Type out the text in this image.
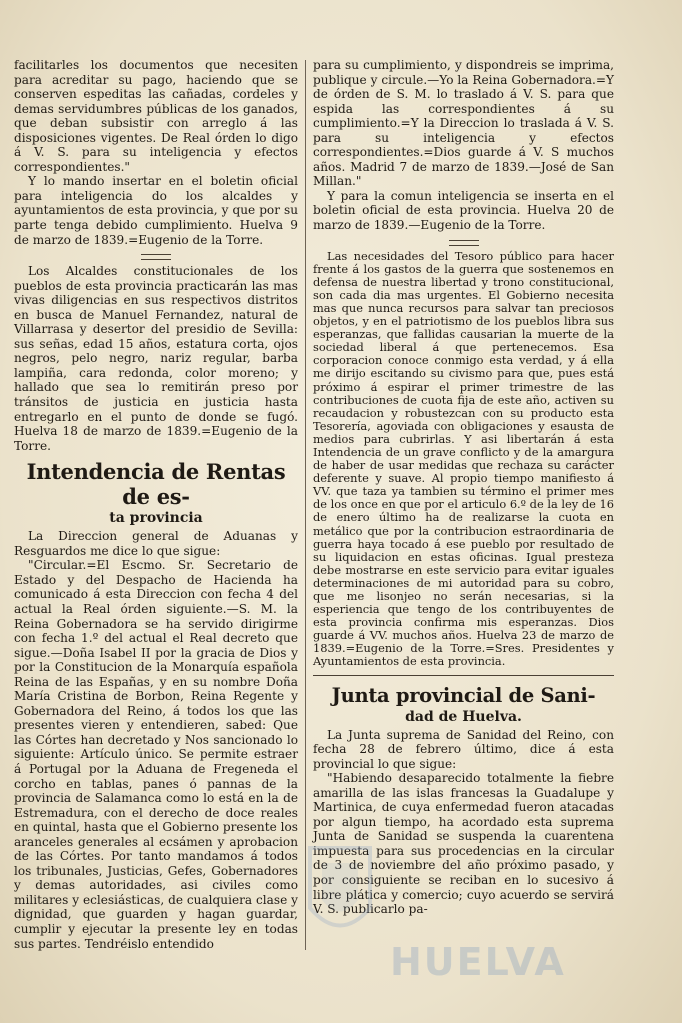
facilitarles los documentos que necesiten para acreditar su pago, haciendo que se conserven espeditas las cañadas, cordeles y demas servidumbres públicas de los ganados, que deban subsistir con arreglo á las disposiciones vigentes. De Real órden lo digo á V. S. para su inteligencia y efectos correspondientes."

Y lo mando insertar en el boletin oficial para inteligencia do los alcaldes y ayuntamientos de esta provincia, y que por su parte tenga debido cumplimiento. Huelva 9 de marzo de 1839.=Eugenio de la Torre.

Los Alcaldes constitucionales de los pueblos de esta provincia practicarán las mas vivas diligencias en sus respectivos distritos en busca de Manuel Fernandez, natural de Villarrasa y desertor del presidio de Sevilla: sus señas, edad 15 años, estatura corta, ojos negros, pelo negro, nariz regular, barba lampiña, cara redonda, color moreno; y hallado que sea lo remitirán preso por tránsitos de justicia en justicia hasta entregarlo en el punto de donde se fugó. Huelva 18 de marzo de 1839.=Eugenio de la Torre.

Intendencia de Rentas de es-
ta provincia

La Direccion general de Aduanas y Resguardos me dice lo que sigue:

"Circular.=El Escmo. Sr. Secretario de Estado y del Despacho de Hacienda ha comunicado á esta Direccion con fecha 4 del actual la Real órden siguiente.—S. M. la Reina Gobernadora se ha servido dirigirme con fecha 1.º del actual el Real decreto que sigue.—Doña Isabel II por la gracia de Dios y por la Constitucion de la Monarquía española Reina de las Españas, y en su nombre Doña María Cristina de Borbon, Reina Regente y Gobernadora del Reino, á todos los que las presentes vieren y entendieren, sabed: Que las Córtes han decretado y Nos sancionado lo siguiente: Artículo único. Se permite estraer á Portugal por la Aduana de Fregeneda el corcho en tablas, panes ó pannas de la provincia de Salamanca como lo está en la de Estremadura, con el derecho de doce reales en quintal, hasta que el Gobierno presente los aranceles generales al ecsámen y aprobacion de las Córtes. Por tanto mandamos á todos los tribunales, Justicias, Gefes, Gobernadores y demas autoridades, asi civiles como militares y eclesiásticas, de cualquiera clase y dignidad, que guarden y hagan guardar, cumplir y ejecutar la presente ley en todas sus partes. Tendréislo entendido

para su cumplimiento, y dispondreis se imprima, publique y circule.—Yo la Reina Gobernadora.=Y de órden de S. M. lo traslado á V. S. para que espida las correspondientes á su cumplimiento.=Y la Direccion lo traslada á V. S. para su inteligencia y efectos correspondientes.=Dios guarde á V. S muchos años. Madrid 7 de marzo de 1839.—José de San Millan."

Y para la comun inteligencia se inserta en el boletin oficial de esta provincia. Huelva 20 de marzo de 1839.—Eugenio de la Torre.

Las necesidades del Tesoro público para hacer frente á los gastos de la guerra que sostenemos en defensa de nuestra libertad y trono constitucional, son cada dia mas urgentes. El Gobierno necesita mas que nunca recursos para salvar tan preciosos objetos, y en el patriotismo de los pueblos libra sus esperanzas, que fallidas causarian la muerte de la sociedad liberal á que pertenecemos. Esa corporacion conoce conmigo esta verdad, y á ella me dirijo escitando su civismo para que, pues está próximo á espirar el primer trimestre de las contribuciones de cuota fija de este año, activen su recaudacion y robustezcan con su producto esta Tesorería, agoviada con obligaciones y esausta de medios para cubrirlas. Y asi libertarán á esta Intendencia de un grave conflicto y de la amargura de haber de usar medidas que rechaza su carácter deferente y suave. Al propio tiempo manifiesto á VV. que taza ya tambien su término el primer mes de los once en que por el articulo 6.º de la ley de 16 de enero último ha de realizarse la cuota en metálico que por la contribucion estraordinaria de guerra haya tocado á ese pueblo por resultado de su liquidacion en estas oficinas. Igual presteza debe mostrarse en este servicio para evitar iguales determinaciones de mi autoridad para su cobro, que me lisonjeo no serán necesarias, si la esperiencia que tengo de los contribuyentes de esta provincia confirma mis esperanzas. Dios guarde á VV. muchos años. Huelva 23 de marzo de 1839.=Eugenio de la Torre.=Sres. Presidentes y Ayuntamientos de esta provincia.

Junta provincial de Sani-
dad de Huelva.

La Junta suprema de Sanidad del Reino, con fecha 28 de febrero último, dice á esta provincial lo que sigue:

"Habiendo desaparecido totalmente la fiebre amarilla de las islas francesas la Guadalupe y Martinica, de cuya enfermedad fueron atacadas por algun tiempo, ha acordado esta suprema Junta de Sanidad se suspenda la cuarentena impuesta para sus procedencias en la circular de 3 de noviembre del año próximo pasado, y por consiguiente se reciban en lo sucesivo á libre plática y comercio; cuyo acuerdo se servirá V. S. publicarlo pa-

HUELVA
